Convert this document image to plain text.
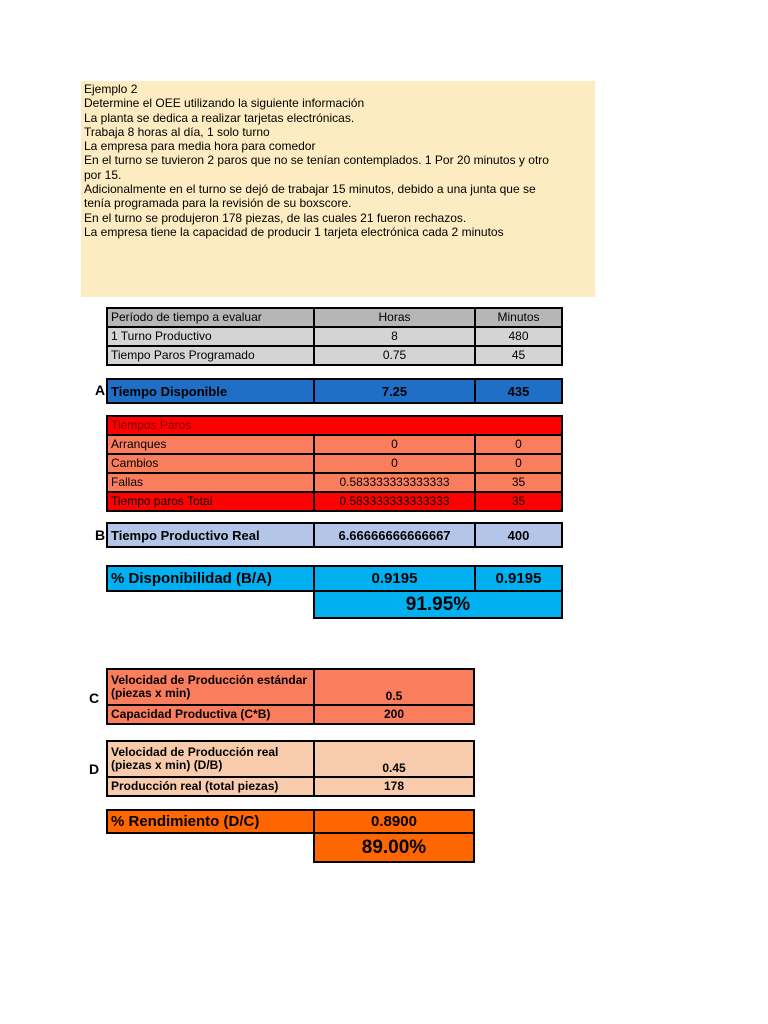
Ejemplo 2
Determine el OEE utilizando la siguiente información
La planta se dedica a realizar tarjetas electrónicas.
Trabaja 8 horas al día, 1 solo turno
La empresa para media hora para comedor
En el turno se tuvieron 2 paros que no se tenían contemplados. 1 Por 20 minutos y otro
por 15.
Adicionalmente en el turno se dejó de trabajar 15 minutos, debido a una junta que se
tenía programada para la revisión de su boxscore.
En el turno se produjeron 178 piezas, de las cuales 21 fueron rechazos.
La empresa tiene la capacidad de producir 1 tarjeta electrónica cada 2 minutos
Período de tiempo a evaluar	Horas	Minutos
1 Turno Productivo	8	480
Tiempo Paros Programado	0.75	45
A Tiempo Disponible	7.25	435
Tiempos Paros		
Arranques	0	0
Cambios	0	0
Fallas	0.583333333333333	35
Tiempo paros Total	0.583333333333333	35
B Tiempo Productivo Real	6.66666666666667	400
% Disponibilidad (B/A)	0.9195	0.9195
	91.95%	
C
Velocidad de Producción estándar
(piezas x min)	0.5
Capacidad Productiva (C*B)	200
D
Velocidad de Producción real
(piezas x min) (D/B)	0.45
Producción real (total piezas)	178
% Rendimiento (D/C)	0.8900
	89.00%
